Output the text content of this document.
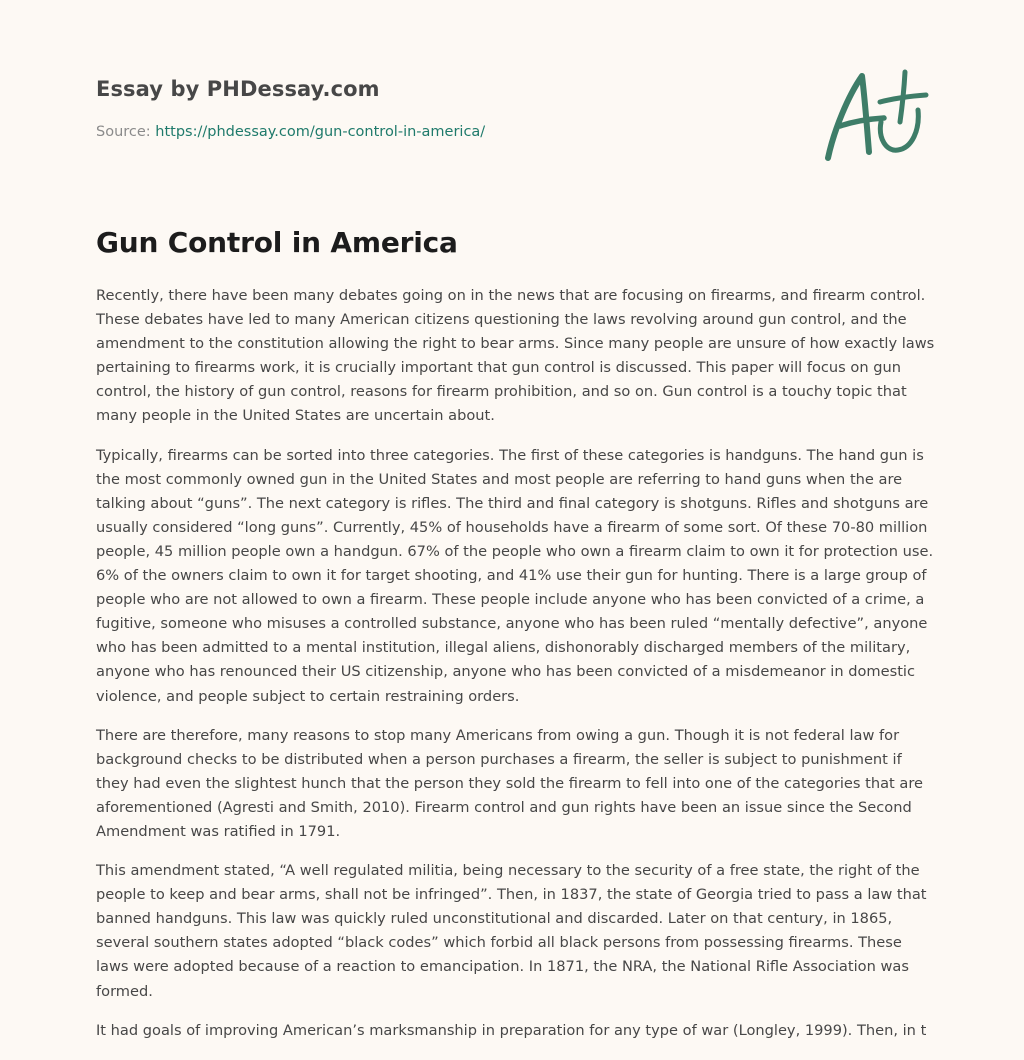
Essay by PHDessay.com

Source: https://phdessay.com/gun-control-in-america/

Gun Control in America

Recently, there have been many debates going on in the news that are focusing on firearms, and firearm control. These debates have led to many American citizens questioning the laws revolving around gun control, and the amendment to the constitution allowing the right to bear arms. Since many people are unsure of how exactly laws pertaining to firearms work, it is crucially important that gun control is discussed. This paper will focus on gun control, the history of gun control, reasons for firearm prohibition, and so on. Gun control is a touchy topic that many people in the United States are uncertain about.

Typically, firearms can be sorted into three categories. The first of these categories is handguns. The hand gun is the most commonly owned gun in the United States and most people are referring to hand guns when the are talking about “guns”. The next category is rifles. The third and final category is shotguns. Rifles and shotguns are usually considered “long guns”. Currently, 45% of households have a firearm of some sort. Of these 70-80 million people, 45 million people own a handgun. 67% of the people who own a firearm claim to own it for protection use. 6% of the owners claim to own it for target shooting, and 41% use their gun for hunting. There is a large group of people who are not allowed to own a firearm. These people include anyone who has been convicted of a crime, a fugitive, someone who misuses a controlled substance, anyone who has been ruled “mentally defective”, anyone who has been admitted to a mental institution, illegal aliens, dishonorably discharged members of the military, anyone who has renounced their US citizenship, anyone who has been convicted of a misdemeanor in domestic violence, and people subject to certain restraining orders.

There are therefore, many reasons to stop many Americans from owing a gun. Though it is not federal law for background checks to be distributed when a person purchases a firearm, the seller is subject to punishment if they had even the slightest hunch that the person they sold the firearm to fell into one of the categories that are aforementioned (Agresti and Smith, 2010). Firearm control and gun rights have been an issue since the Second Amendment was ratified in 1791.

This amendment stated, “A well regulated militia, being necessary to the security of a free state, the right of the people to keep and bear arms, shall not be infringed”. Then, in 1837, the state of Georgia tried to pass a law that banned handguns. This law was quickly ruled unconstitutional and discarded. Later on that century, in 1865, several southern states adopted “black codes” which forbid all black persons from possessing firearms. These laws were adopted because of a reaction to emancipation. In 1871, the NRA, the National Rifle Association was formed.

It had goals of improving American’s marksmanship in preparation for any type of war (Longley, 1999). Then, in t
